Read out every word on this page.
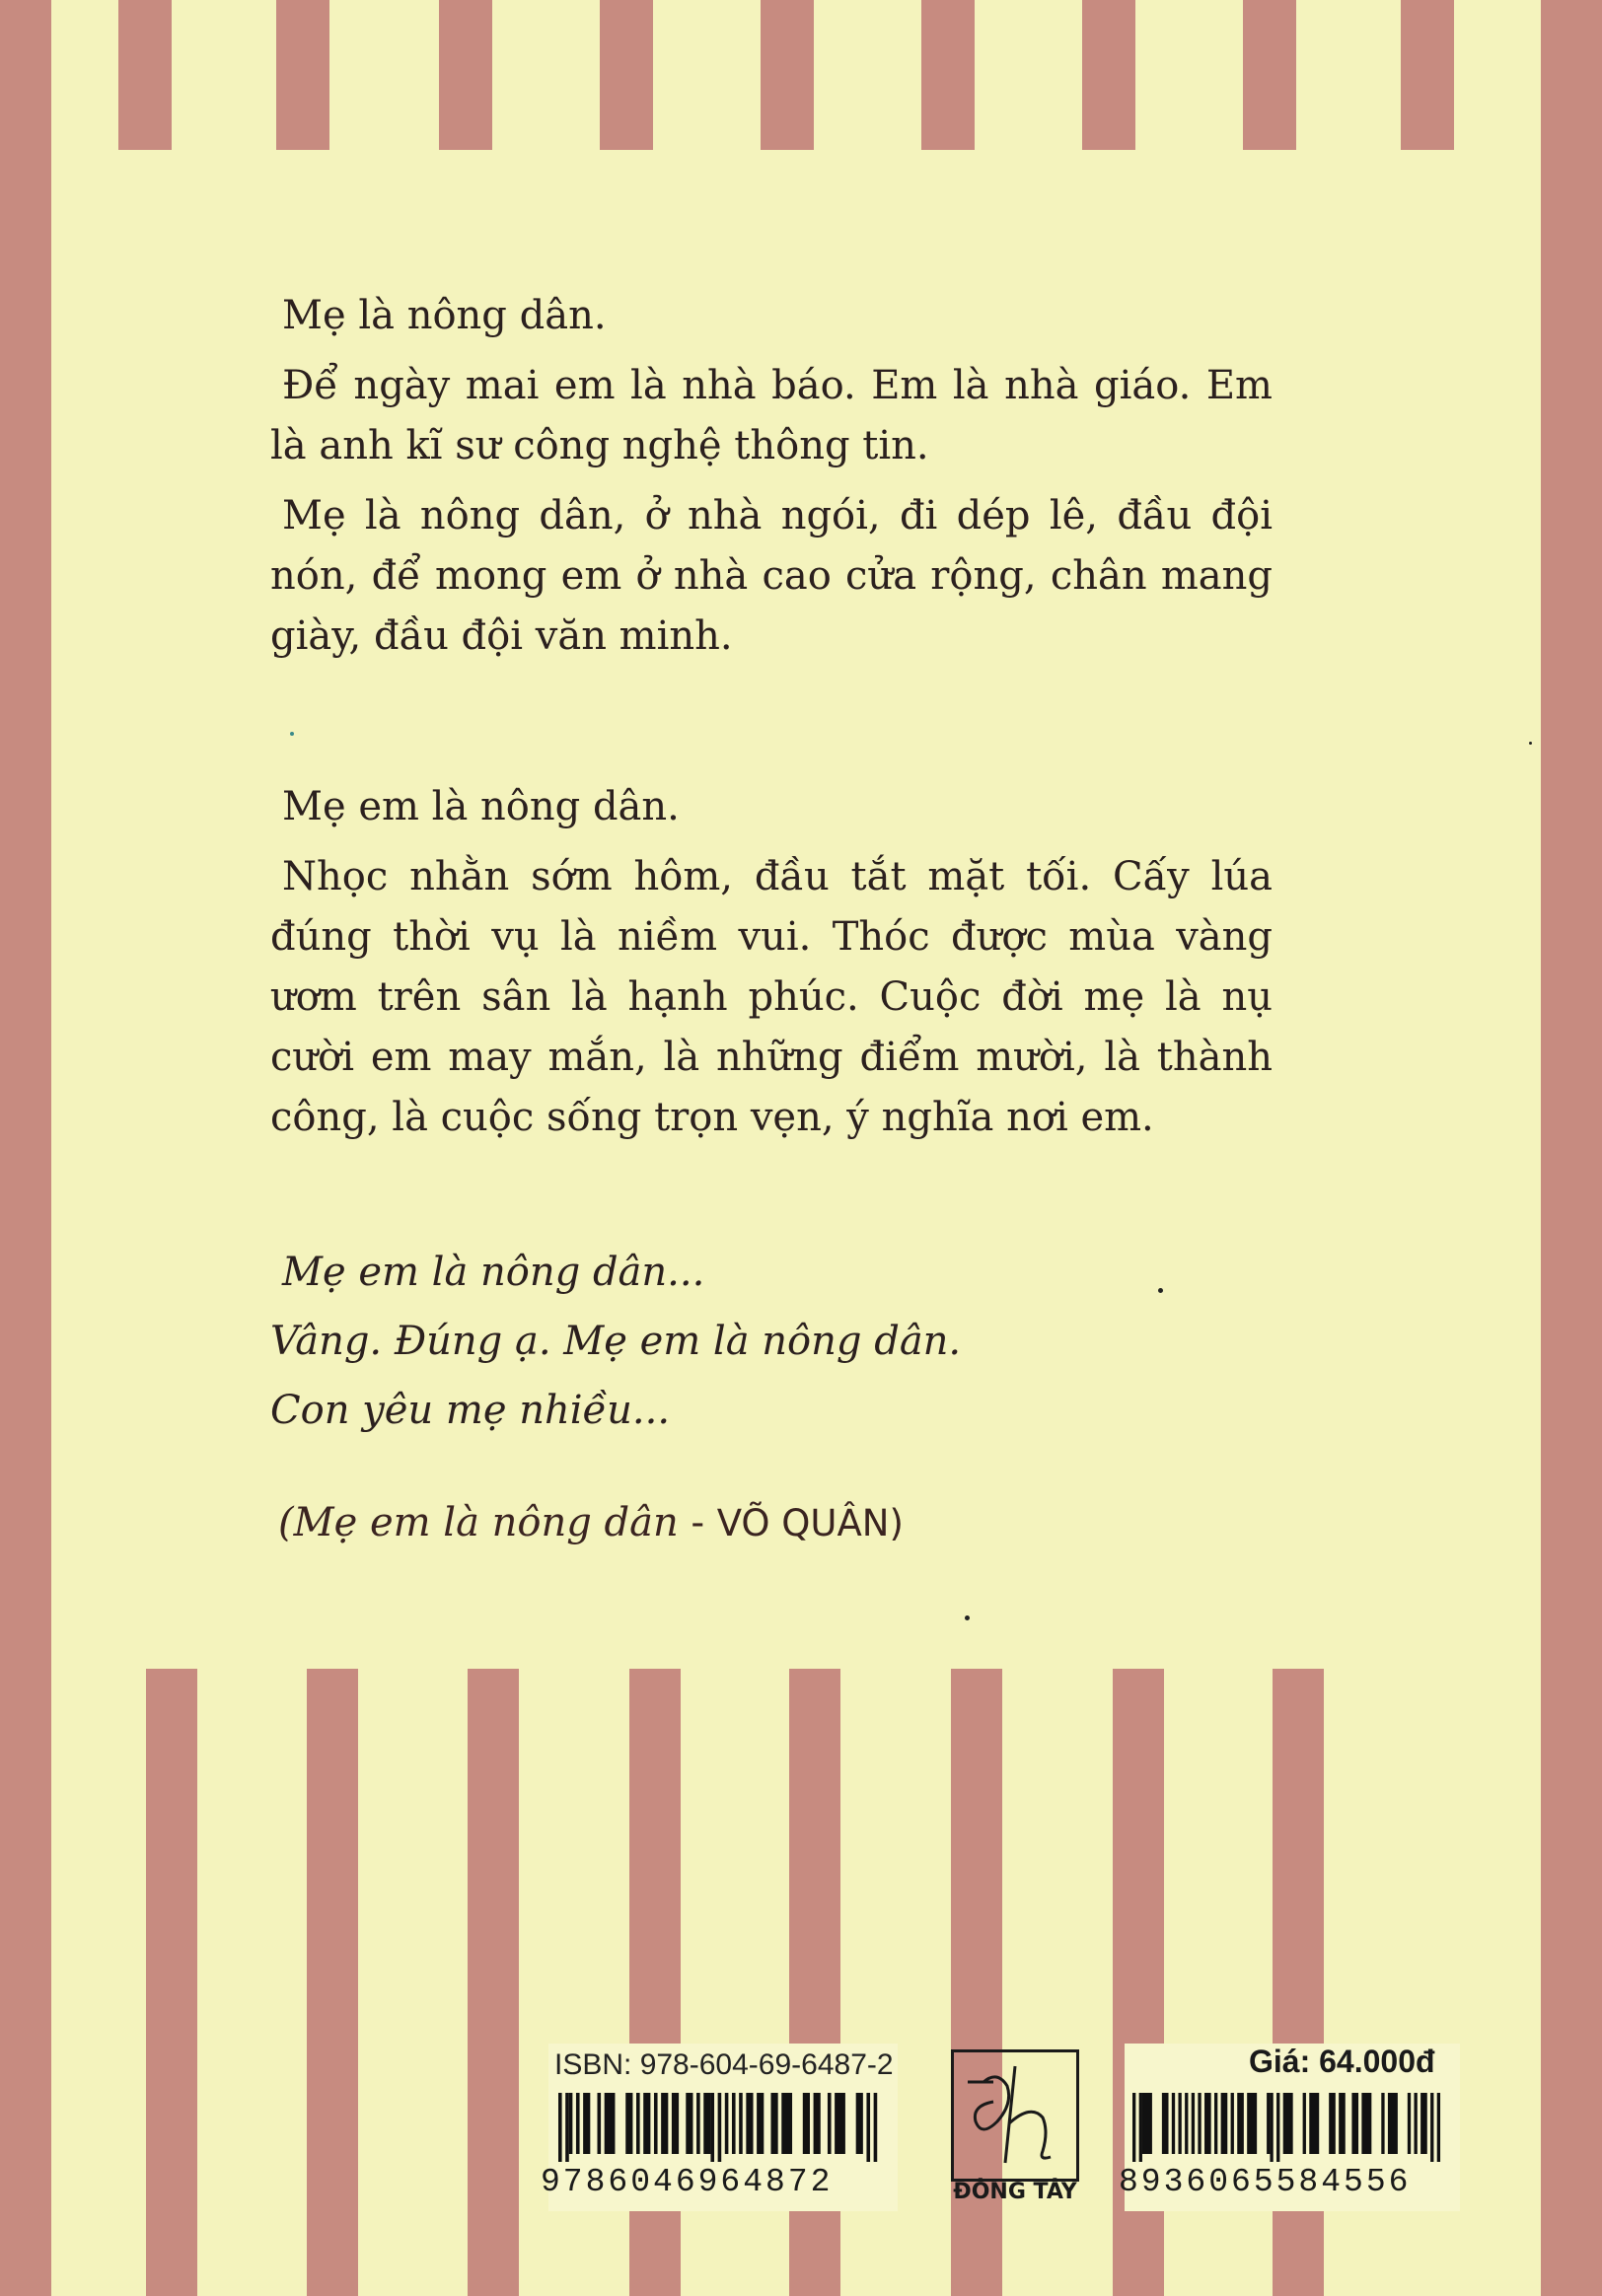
Mẹ là nông dân.

Để ngày mai em là nhà báo. Em là nhà giáo. Em là anh kĩ sư công nghệ thông tin.

Mẹ là nông dân, ở nhà ngói, đi dép lê, đầu đội nón, để mong em ở nhà cao cửa rộng, chân mang giày, đầu đội văn minh.

Mẹ em là nông dân.

Nhọc nhằn sớm hôm, đầu tắt mặt tối. Cấy lúa đúng thời vụ là niềm vui. Thóc được mùa vàng ươm trên sân là hạnh phúc. Cuộc đời mẹ là nụ cười em may mắn, là những điểm mười, là thành công, là cuộc sống trọn vẹn, ý nghĩa nơi em.

Mẹ em là nông dân...
Vâng. Đúng ạ. Mẹ em là nông dân.
Con yêu mẹ nhiều...
(Mẹ em là nông dân - VÕ QUÂN)
ISBN: 978-604-69-6487-2
9786046964872	ĐÔNG TÂY
Giá: 64.000đ
8936065584556
